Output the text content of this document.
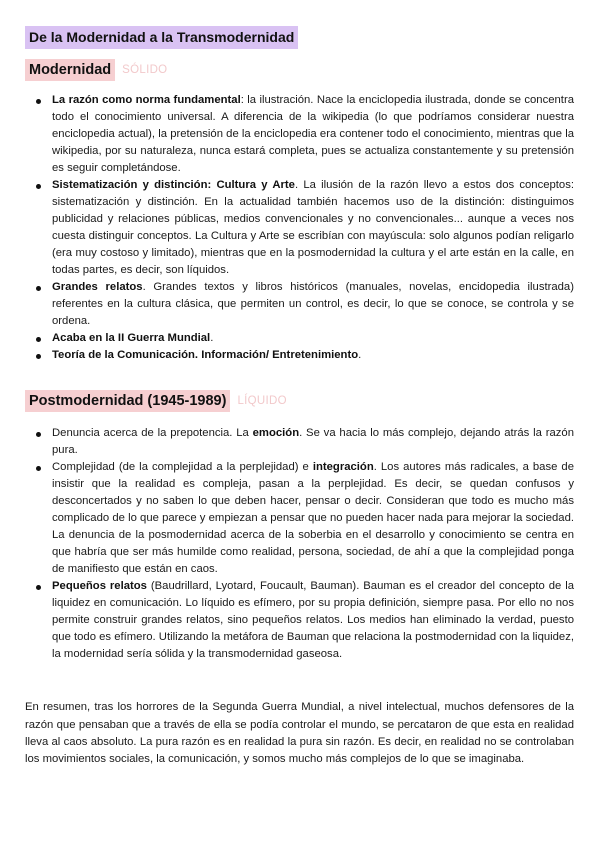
De la Modernidad a la Transmodernidad
Modernidad SÓLIDO
La razón como norma fundamental: la ilustración. Nace la enciclopedia ilustrada, donde se concentra todo el conocimiento universal. A diferencia de la wikipedia (lo que podríamos considerar nuestra enciclopedia actual), la pretensión de la enciclopedia era contener todo el conocimiento, mientras que la wikipedia, por su naturaleza, nunca estará completa, pues se actualiza constantemente y su pretensión es seguir completándose.
Sistematización y distinción: Cultura y Arte. La ilusión de la razón llevo a estos dos conceptos: sistematización y distinción. En la actualidad también hacemos uso de la distinción: distinguimos publicidad y relaciones públicas, medios convencionales y no convencionales... aunque a veces nos cuesta distinguir conceptos. La Cultura y Arte se escribían con mayúscula: solo algunos podían religarlo (era muy costoso y limitado), mientras que en la posmodernidad la cultura y el arte están en la calle, en todas partes, es decir, son líquidos.
Grandes relatos. Grandes textos y libros históricos (manuales, novelas, encidopedia ilustrada) referentes en la cultura clásica, que permiten un control, es decir, lo que se conoce, se controla y se ordena.
Acaba en la II Guerra Mundial.
Teoría de la Comunicación. Información/ Entretenimiento.
Postmodernidad (1945-1989) LÍQUIDO
Denuncia acerca de la prepotencia. La emoción. Se va hacia lo más complejo, dejando atrás la razón pura.
Complejidad (de la complejidad a la perplejidad) e integración. Los autores más radicales, a base de insistir que la realidad es compleja, pasan a la perplejidad. Es decir, se quedan confusos y desconcertados y no saben lo que deben hacer, pensar o decir. Consideran que todo es mucho más complicado de lo que parece y empiezan a pensar que no pueden hacer nada para mejorar la sociedad. La denuncia de la posmodernidad acerca de la soberbia en el desarrollo y conocimiento se centra en que habría que ser más humilde como realidad, persona, sociedad, de ahí a que la complejidad ponga de manifiesto que están en caos.
Pequeños relatos (Baudrillard, Lyotard, Foucault, Bauman). Bauman es el creador del concepto de la liquidez en comunicación. Lo líquido es efímero, por su propia definición, siempre pasa. Por ello no nos permite construir grandes relatos, sino pequeños relatos. Los medios han eliminado la verdad, puesto que todo es efímero. Utilizando la metáfora de Bauman que relaciona la postmodernidad con la liquidez, la modernidad sería sólida y la transmodernidad gaseosa.

En resumen, tras los horrores de la Segunda Guerra Mundial, a nivel intelectual, muchos defensores de la razón que pensaban que a través de ella se podía controlar el mundo, se percataron de que esta en realidad lleva al caos absoluto. La pura razón es en realidad la pura sin razón. Es decir, en realidad no se controlaban los movimientos sociales, la comunicación, y somos mucho más complejos de lo que se imaginaba.
